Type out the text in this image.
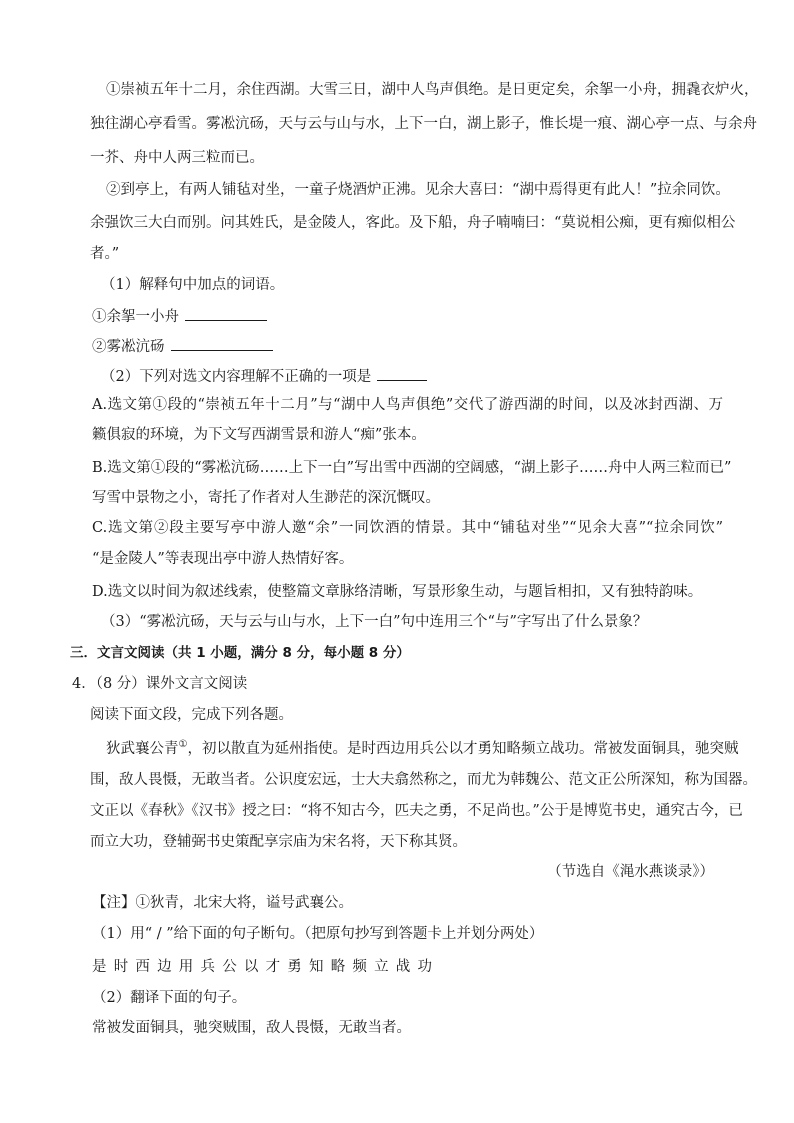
①崇祯五年十二月，余住西湖。大雪三日，湖中人鸟声俱绝。是日更定矣，余挐一小舟，拥毳衣炉火，
独往湖心亭看雪。雾凇沆砀，天与云与山与水，上下一白，湖上影子，惟长堤一痕、湖心亭一点、与余舟
一芥、舟中人两三粒而已。
②到亭上，有两人铺毡对坐，一童子烧酒炉正沸。见余大喜曰：“湖中焉得更有此人！”拉余同饮。
余强饮三大白而别。问其姓氏，是金陵人，客此。及下船，舟子喃喃曰：“莫说相公痴，更有痴似相公
者。”
（1）解释句中加点的词语。
①余挐一小舟
②雾凇沆砀
（2）下列对选文内容理解不正确的一项是
A.选文第①段的“崇祯五年十二月”与“湖中人鸟声俱绝”交代了游西湖的时间，以及冰封西湖、万
籁俱寂的环境，为下文写西湖雪景和游人“痴”张本。
B.选文第①段的“雾凇沆砀……上下一白”写出雪中西湖的空阔感，“湖上影子……舟中人两三粒而已”
写雪中景物之小，寄托了作者对人生渺茫的深沉慨叹。
C.选文第②段主要写亭中游人邀“余”一同饮酒的情景。其中“铺毡对坐”“见余大喜”“拉余同饮”
“是金陵人”等表现出亭中游人热情好客。
D.选文以时间为叙述线索，使整篇文章脉络清晰，写景形象生动，与题旨相扣，又有独特韵味。
（3）“雾凇沆砀，天与云与山与水，上下一白”句中连用三个“与”字写出了什么景象？
三．文言文阅读（共 1 小题，满分 8 分，每小题 8 分）
4．（8 分）课外文言文阅读
阅读下面文段，完成下列各题。
狄武襄公青①，初以散直为延州指使。是时西边用兵公以才勇知略频立战功。常被发面铜具，驰突贼
围，敌人畏慑，无敢当者。公识度宏远，士大夫翕然称之，而尤为韩魏公、范文正公所深知，称为国器。
文正以《春秋》《汉书》授之曰：“将不知古今，匹夫之勇，不足尚也。”公于是博览书史，通究古今，已
而立大功，登辅弼书史策配享宗庙为宋名将，天下称其贤。
（节选自《渑水燕谈录》）
【注】①狄青，北宋大将，谥号武襄公。
（1）用“ / ”给下面的句子断句。（把原句抄写到答题卡上并划分两处）
是时西边用兵公以才勇知略频立战功
（2）翻译下面的句子。
常被发面铜具，驰突贼围，敌人畏慑，无敢当者。
